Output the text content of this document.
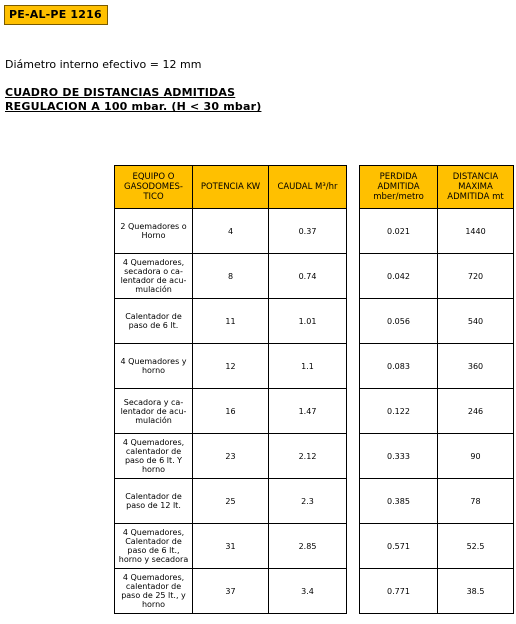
PE-AL-PE 1216
Diámetro interno efectivo = 12 mm
CUADRO DE DISTANCIAS ADMITIDAS
REGULACION A 100 mbar. (H < 30 mbar)
EQUIPO O GASODOMES-TICO	POTENCIA KW	CAUDAL M³/hr
2 Quemadores o Horno	4	0.37
4 Quemadores, secadora o ca-lentador de acu-mulación	8	0.74
Calentador de paso de 6 lt.	11	1.01
4 Quemadores y horno	12	1.1
Secadora y ca-lentador de acu-mulación	16	1.47
4 Quemadores, calentador de paso de 6 lt. Y horno	23	2.12
Calentador de paso de 12 lt.	25	2.3
4 Quemadores, Calentador de paso de 6 lt., horno y secadora	31	2.85
4 Quemadores, calentador de paso de 25 lt., y horno	37	3.4
PERDIDA ADMITIDA mber/metro	DISTANCIA MAXIMA ADMITIDA mt
0.021	1440
0.042	720
0.056	540
0.083	360
0.122	246
0.333	90
0.385	78
0.571	52.5
0.771	38.5
